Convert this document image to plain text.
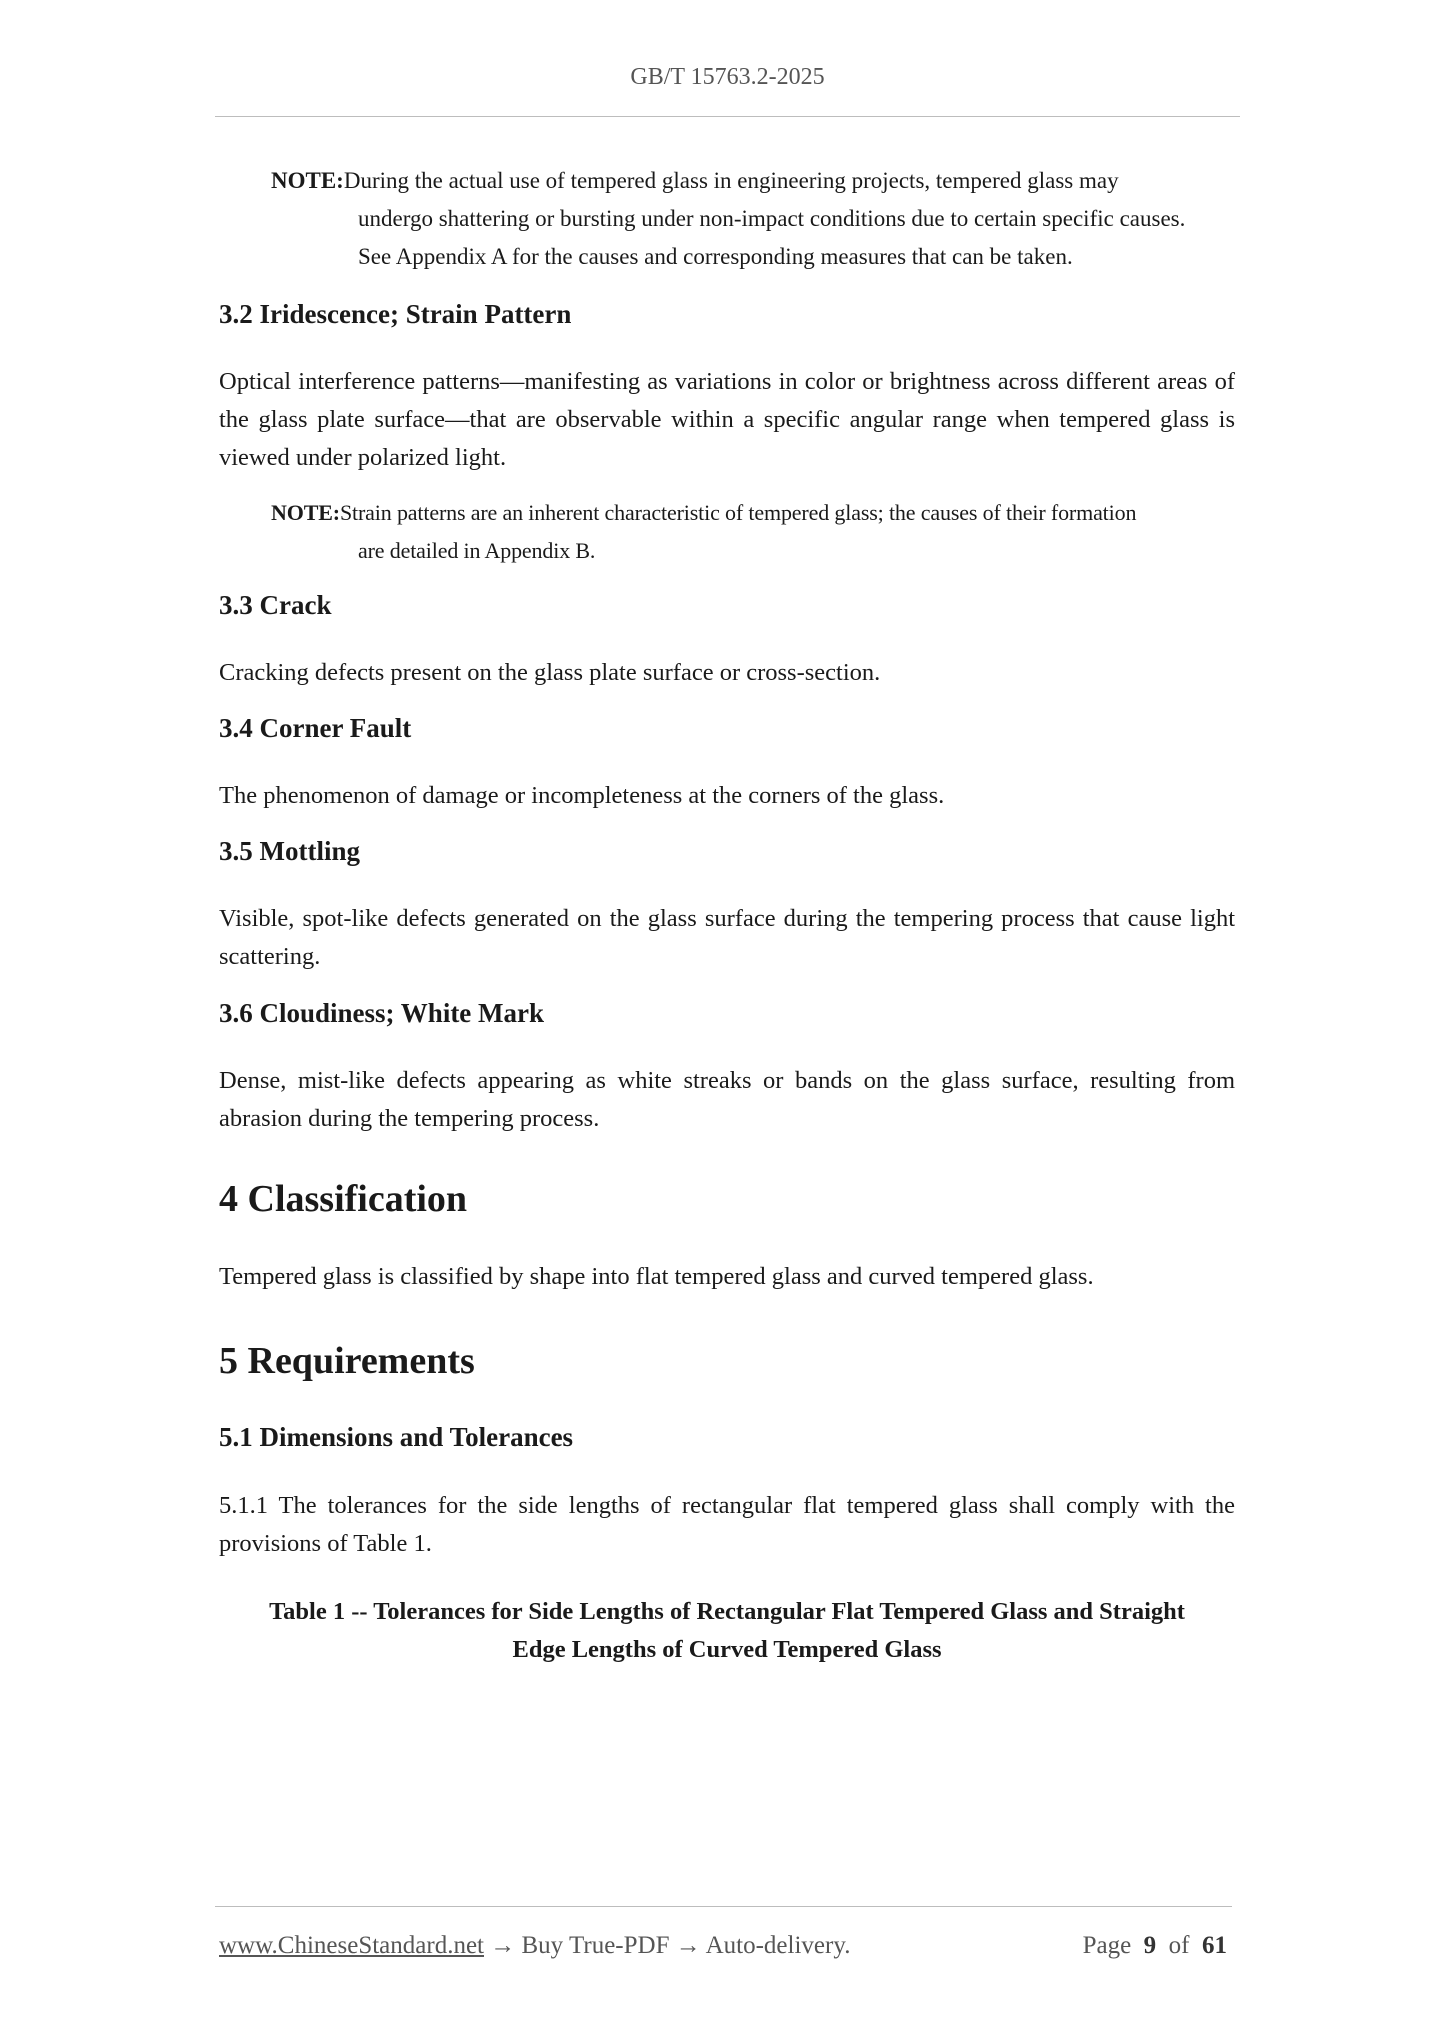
GB/T 15763.2-2025
NOTE: During the actual use of tempered glass in engineering projects, tempered glass may
undergo shattering or bursting under non-impact conditions due to certain specific causes.
See Appendix A for the causes and corresponding measures that can be taken.
3.2 Iridescence; Strain Pattern

Optical interference patterns—manifesting as variations in color or brightness across different areas of the glass plate surface—that are observable within a specific angular range when tempered glass is viewed under polarized light.

NOTE: Strain patterns are an inherent characteristic of tempered glass; the causes of their formation
are detailed in Appendix B.
3.3 Crack

Cracking defects present on the glass plate surface or cross-section.

3.4 Corner Fault

The phenomenon of damage or incompleteness at the corners of the glass.

3.5 Mottling

Visible, spot-like defects generated on the glass surface during the tempering process that cause light scattering.

3.6 Cloudiness; White Mark

Dense, mist-like defects appearing as white streaks or bands on the glass surface, resulting from abrasion during the tempering process.

4 Classification

Tempered glass is classified by shape into flat tempered glass and curved tempered glass.

5 Requirements
5.1 Dimensions and Tolerances

5.1.1 The tolerances for the side lengths of rectangular flat tempered glass shall comply with the provisions of Table 1.

Table 1 -- Tolerances for Side Lengths of Rectangular Flat Tempered Glass and Straight

Edge Lengths of Curved Tempered Glass

www.ChineseStandard.net → Buy True-PDF → Auto-delivery.	Page 9 of 61
